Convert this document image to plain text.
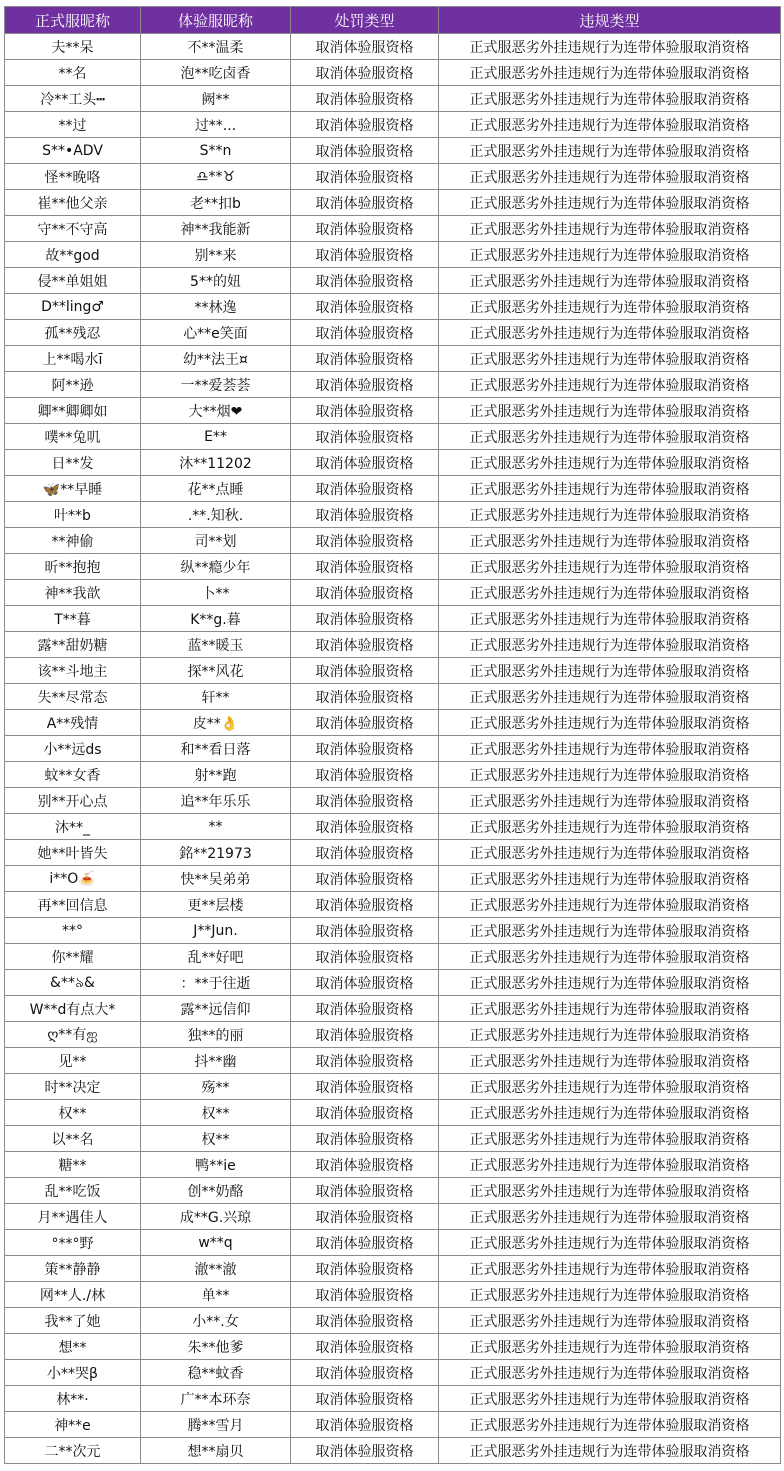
正式服昵称	体验服昵称	处罚类型	违规类型
夫**呆	不**温柔	取消体验服资格	正式服恶劣外挂违规行为连带体验服取消资格
**名	泡**吃卤香	取消体验服资格	正式服恶劣外挂违规行为连带体验服取消资格
冷**工头┅	阙**	取消体验服资格	正式服恶劣外挂违规行为连带体验服取消资格
**过	过**...	取消体验服资格	正式服恶劣外挂违规行为连带体验服取消资格
S**•ADV	S**n	取消体验服资格	正式服恶劣外挂违规行为连带体验服取消资格
怪**晚咯	♎**♉	取消体验服资格	正式服恶劣外挂违规行为连带体验服取消资格
崔**他父亲	老**扣b	取消体验服资格	正式服恶劣外挂违规行为连带体验服取消资格
守**不守高	神**我能新	取消体验服资格	正式服恶劣外挂违规行为连带体验服取消资格
故**god	别**来	取消体验服资格	正式服恶劣外挂违规行为连带体验服取消资格
侵**单姐姐	5**的妞	取消体验服资格	正式服恶劣外挂违规行为连带体验服取消资格
D**ling♂	**林逸	取消体验服资格	正式服恶劣外挂违规行为连带体验服取消资格
孤**残忍	心**e笑面	取消体验服资格	正式服恶劣外挂违规行为连带体验服取消资格
上**喝水ī	幼**法王¤	取消体验服资格	正式服恶劣外挂违规行为连带体验服取消资格
阿**逊	一**爱荟荟	取消体验服资格	正式服恶劣外挂违规行为连带体验服取消资格
卿**卿卿如	大**烟❤	取消体验服资格	正式服恶劣外挂违规行为连带体验服取消资格
噗**兔叽	E**	取消体验服资格	正式服恶劣外挂违规行为连带体验服取消资格
日**发	沐**11202	取消体验服资格	正式服恶劣外挂违规行为连带体验服取消资格
🦋**早睡	花**点睡	取消体验服资格	正式服恶劣外挂违规行为连带体验服取消资格
叶**b	.**.知秋.	取消体验服资格	正式服恶劣外挂违规行为连带体验服取消资格
**神偷	司**划	取消体验服资格	正式服恶劣外挂违规行为连带体验服取消资格
昕**抱抱	纵**瘾少年	取消体验服资格	正式服恶劣外挂违规行为连带体验服取消资格
神**我歆	卜**	取消体验服资格	正式服恶劣外挂违规行为连带体验服取消资格
T**暮	K**g.暮	取消体验服资格	正式服恶劣外挂违规行为连带体验服取消资格
露**甜奶糖	蓝**暖玉	取消体验服资格	正式服恶劣外挂违规行为连带体验服取消资格
该**斗地主	探**风花	取消体验服资格	正式服恶劣外挂违规行为连带体验服取消资格
失**尽常态	轩**	取消体验服资格	正式服恶劣外挂违规行为连带体验服取消资格
A**残情	皮**👌	取消体验服资格	正式服恶劣外挂违规行为连带体验服取消资格
小**远ds	和**看日落	取消体验服资格	正式服恶劣外挂违规行为连带体验服取消资格
蚊**女香	射**跑	取消体验服资格	正式服恶劣外挂违规行为连带体验服取消资格
别**开心点	追**年乐乐	取消体验服资格	正式服恶劣外挂违规行为连带体验服取消资格
沐**_	**	取消体验服资格	正式服恶劣外挂违规行为连带体验服取消资格
她**叶皆失	銘**21973	取消体验服资格	正式服恶劣外挂违规行为连带体验服取消资格
i**O🍝	快**吴弟弟	取消体验服资格	正式服恶劣外挂违规行为连带体验服取消资格
再**回信息	更**层楼	取消体验服资格	正式服恶劣外挂违规行为连带体验服取消资格
**°	J**Jun.	取消体验服资格	正式服恶劣外挂违规行为连带体验服取消资格
你**耀	乱**好吧	取消体验服资格	正式服恶劣外挂违规行为连带体验服取消资格
&**৯&	：**于往逝	取消体验服资格	正式服恶劣外挂违规行为连带体验服取消资格
W**d有点大*	露**远信仰	取消体验服资格	正式服恶劣外挂违规行为连带体验服取消资格
ღ**有ஐ	独**的丽	取消体验服资格	正式服恶劣外挂违规行为连带体验服取消资格
见**	抖**幽	取消体验服资格	正式服恶劣外挂违规行为连带体验服取消资格
时**决定	殇**	取消体验服资格	正式服恶劣外挂违规行为连带体验服取消资格
权**	权**	取消体验服资格	正式服恶劣外挂违规行为连带体验服取消资格
以**名	权**	取消体验服资格	正式服恶劣外挂违规行为连带体验服取消资格
糖**	鸭**ie	取消体验服资格	正式服恶劣外挂违规行为连带体验服取消资格
乱**吃饭	创**奶酪	取消体验服资格	正式服恶劣外挂违规行为连带体验服取消资格
月**遇佳人	成**G.兴琼	取消体验服资格	正式服恶劣外挂违规行为连带体验服取消资格
°**°野	w**q	取消体验服资格	正式服恶劣外挂违规行为连带体验服取消资格
策**静静	澈**澈	取消体验服资格	正式服恶劣外挂违规行为连带体验服取消资格
网**人./林	单**	取消体验服资格	正式服恶劣外挂违规行为连带体验服取消资格
我**了她	小**.女	取消体验服资格	正式服恶劣外挂违规行为连带体验服取消资格
想**	朱**他爹	取消体验服资格	正式服恶劣外挂违规行为连带体验服取消资格
小**哭β	稳**蚊香	取消体验服资格	正式服恶劣外挂违规行为连带体验服取消资格
林**·	广**本环奈	取消体验服资格	正式服恶劣外挂违规行为连带体验服取消资格
神**e	腾**雪月	取消体验服资格	正式服恶劣外挂违规行为连带体验服取消资格
二**次元	想**扇贝	取消体验服资格	正式服恶劣外挂违规行为连带体验服取消资格
